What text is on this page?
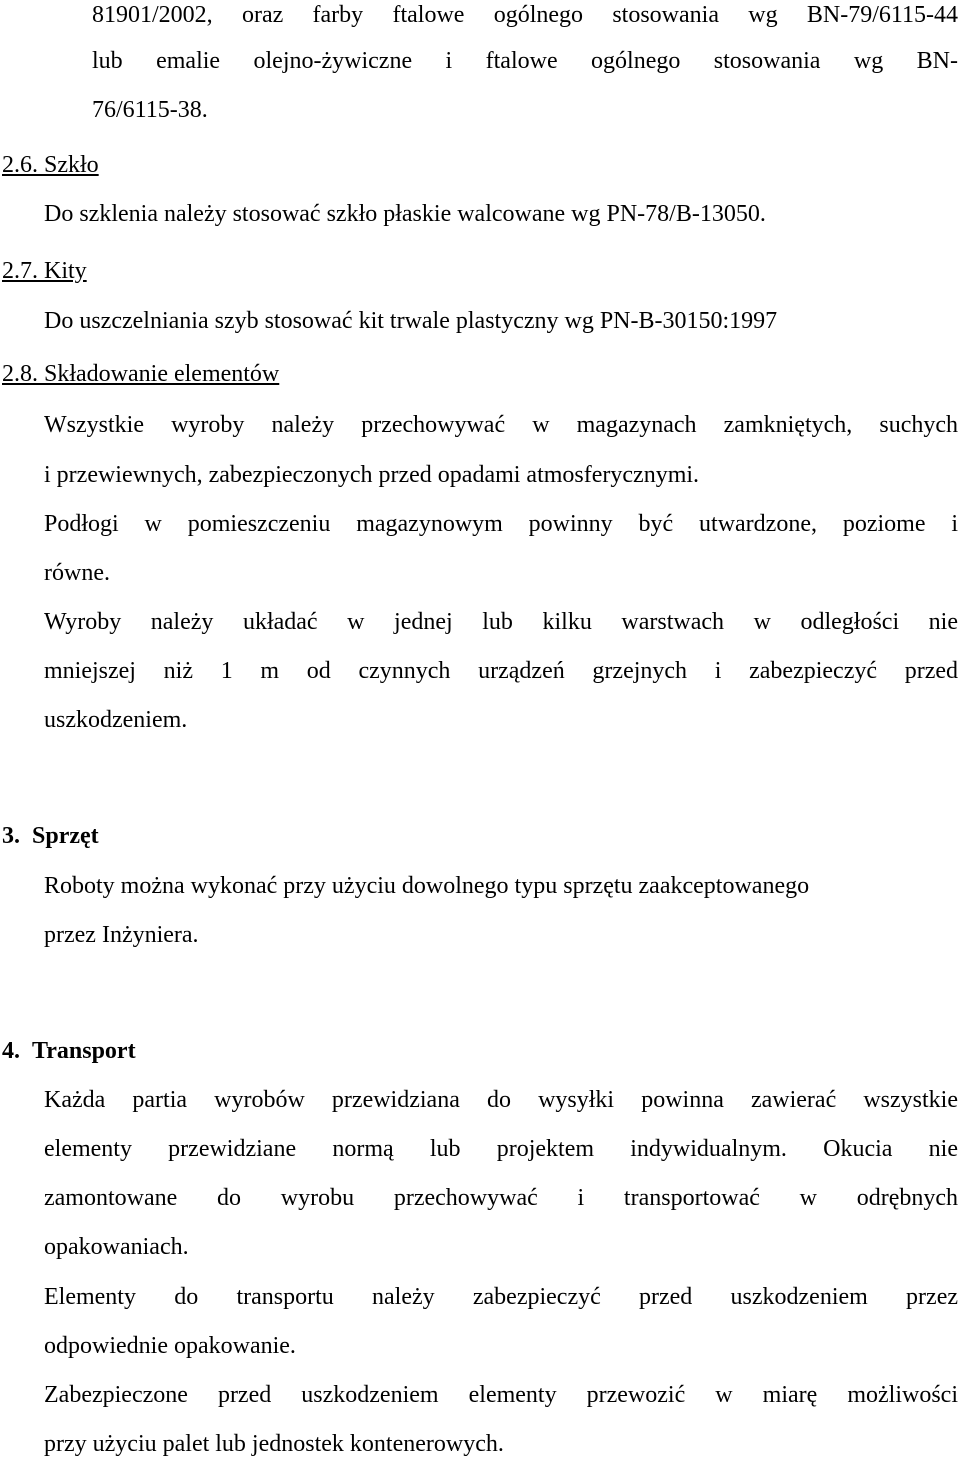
81901/2002, oraz farby ftalowe ogólnego stosowania wg BN-79/6115-44
lub emalie olejno-żywiczne i ftalowe ogólnego stosowania wg BN-
76/6115-38.
2.6. Szkło
Do szklenia należy stosować szkło płaskie walcowane wg PN-78/B-13050.
2.7. Kity
Do uszczelniania szyb stosować kit trwale plastyczny wg PN-B-30150:1997
2.8. Składowanie elementów
Wszystkie wyroby należy przechowywać w magazynach zamkniętych, suchych
i przewiewnych, zabezpieczonych przed opadami atmosferycznymi.
Podłogi w pomieszczeniu magazynowym powinny być utwardzone, poziome i
równe.
Wyroby należy układać w jednej lub kilku warstwach w odległości nie
mniejszej niż 1 m od czynnych urządzeń grzejnych i zabezpieczyć przed
uszkodzeniem.
3. Sprzęt
Roboty można wykonać przy użyciu dowolnego typu sprzętu zaakceptowanego
przez Inżyniera.
4. Transport
Każda partia wyrobów przewidziana do wysyłki powinna zawierać wszystkie
elementy przewidziane normą lub projektem indywidualnym. Okucia nie
zamontowane do wyrobu przechowywać i transportować w odrębnych
opakowaniach.
Elementy do transportu należy zabezpieczyć przed uszkodzeniem przez
odpowiednie opakowanie.
Zabezpieczone przed uszkodzeniem elementy przewozić w miarę możliwości
przy użyciu palet lub jednostek kontenerowych.
